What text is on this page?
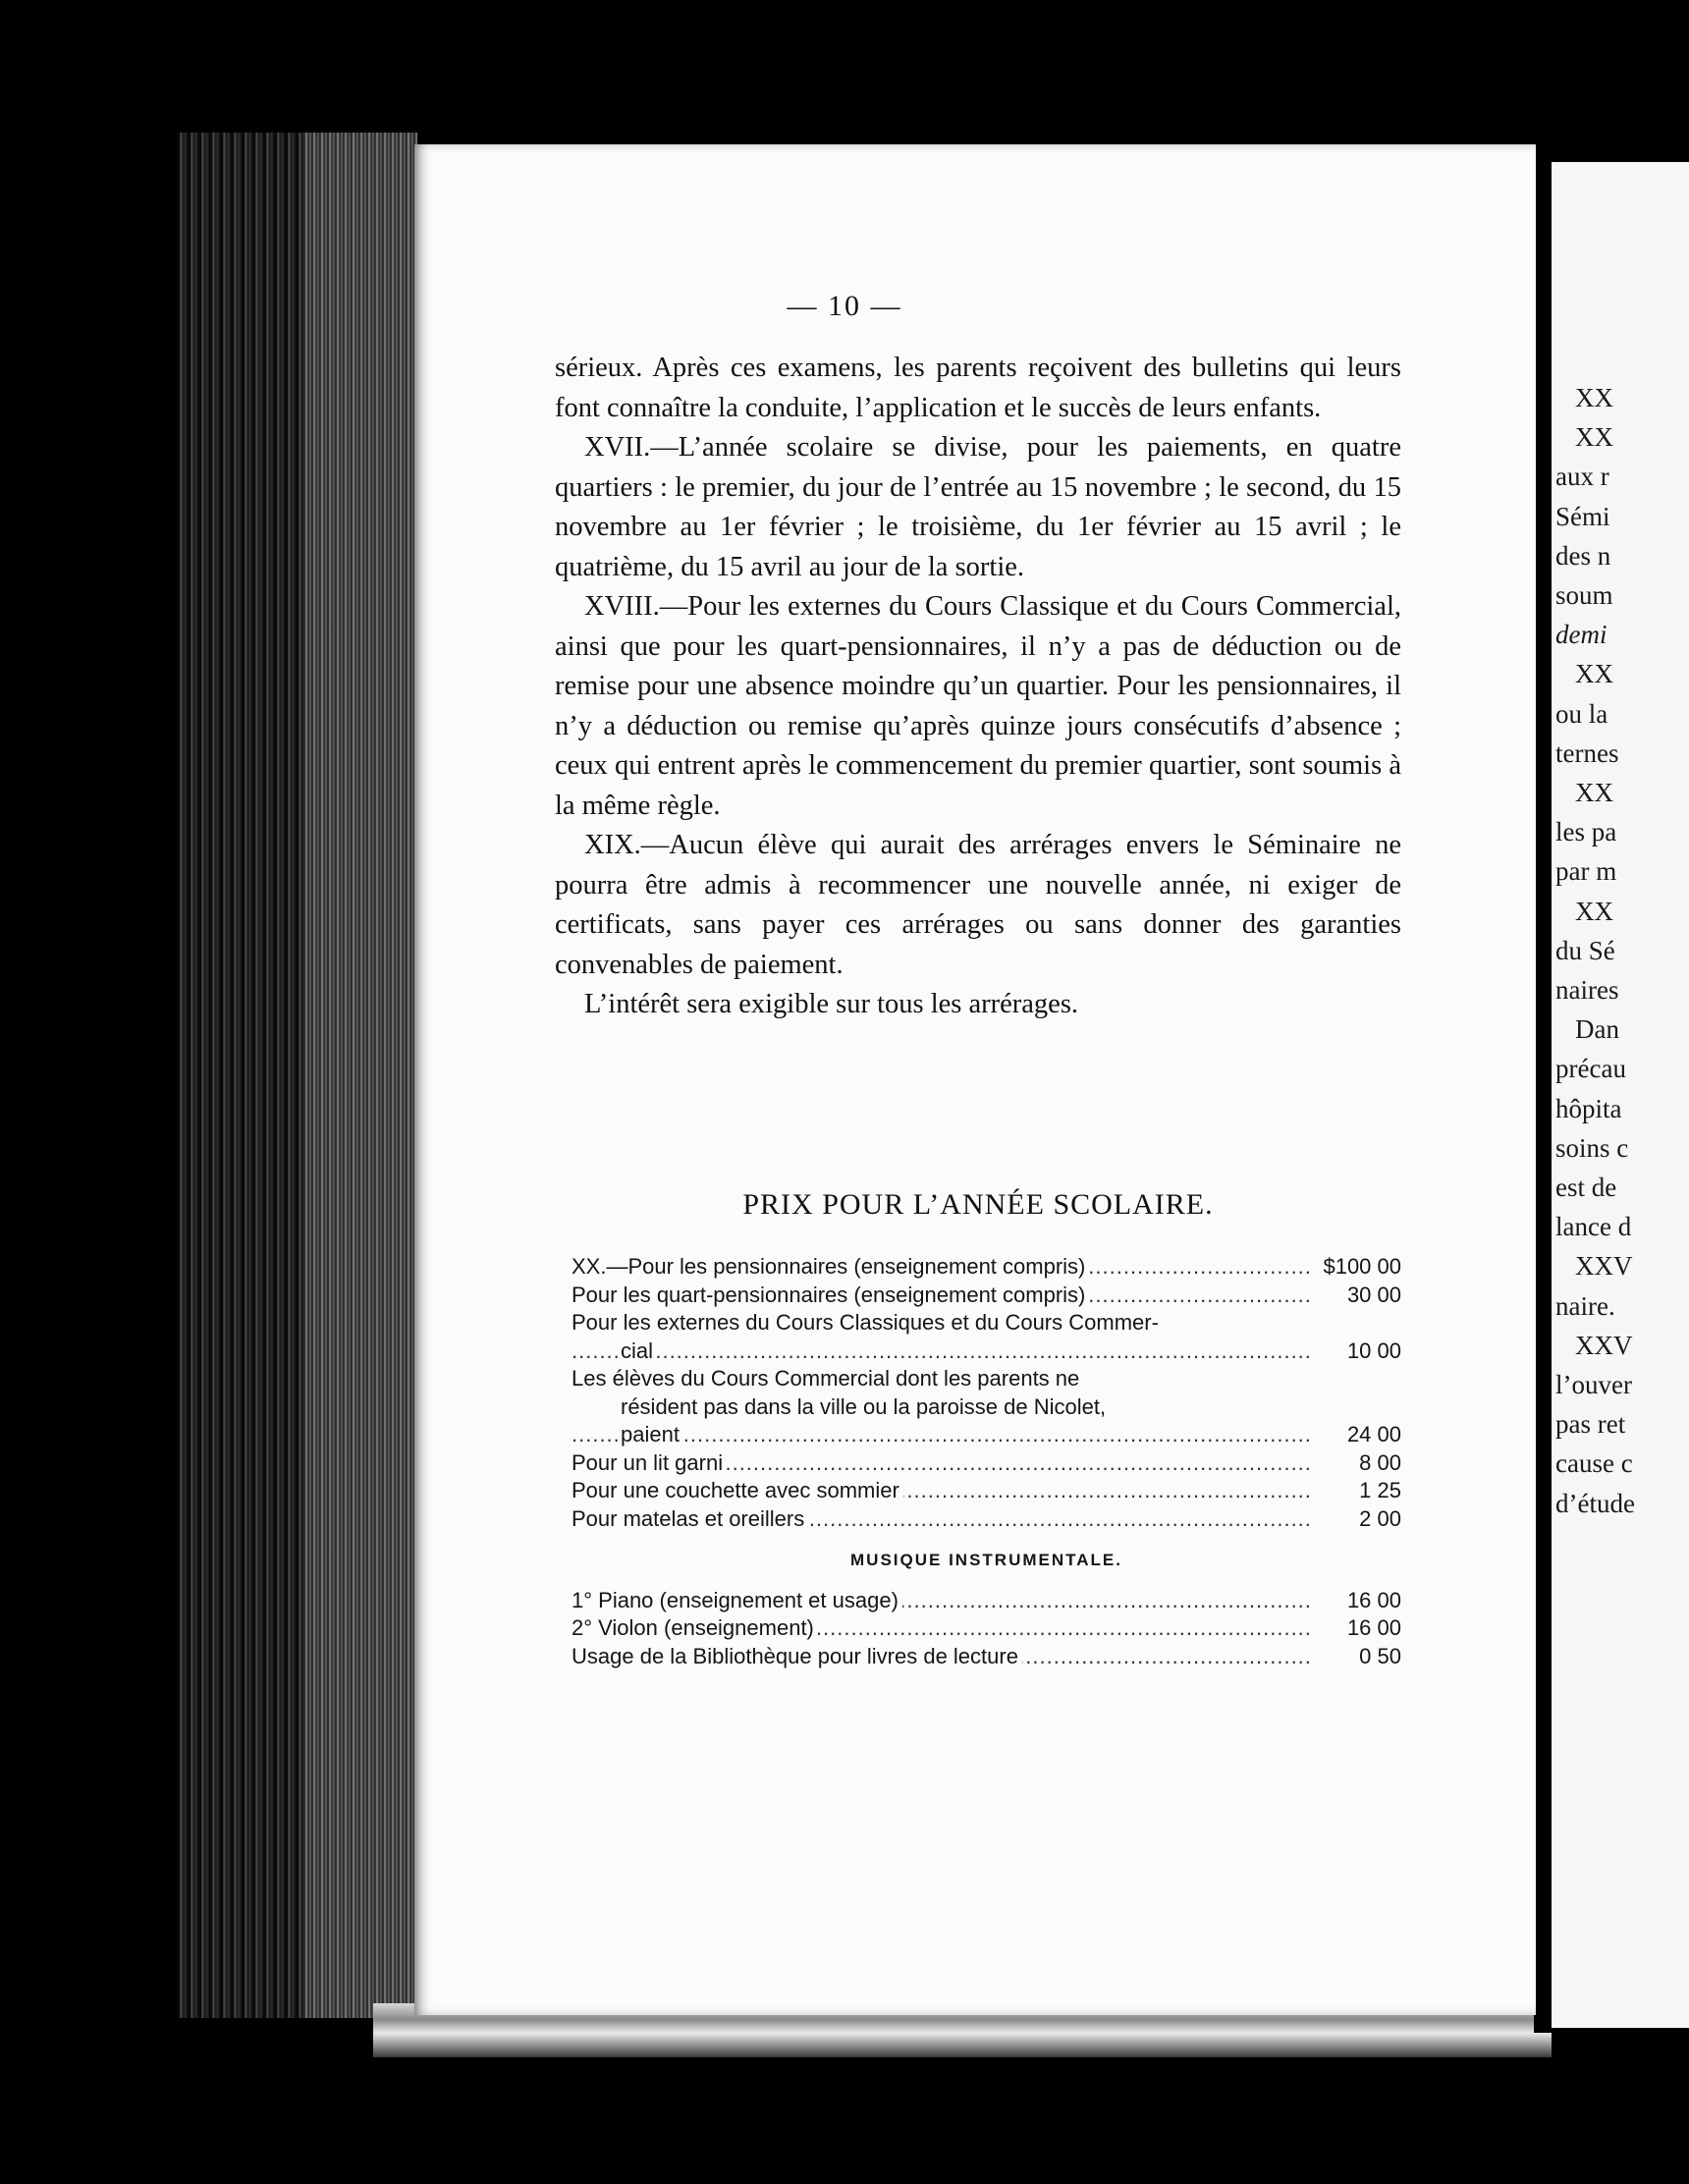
XX
XX
aux r
Sémi
des n
soum
demi
XX
ou la
ternes
XX
les pa
par m
XX
du Sé
naires
Dan
précau
hôpita
soins c
est de
lance d
XXV
naire.
XXV
l’ouver
pas ret
cause c
d’étude
— 10 —

sérieux. Après ces examens, les parents reçoivent des bulletins qui leurs font connaître la conduite, l’application et le succès de leurs enfants.

XVII.—L’année scolaire se divise, pour les paiements, en quatre quartiers : le premier, du jour de l’entrée au 15 novembre ; le second, du 15 novembre au 1er février ; le troisième, du 1er février au 15 avril ; le quatrième, du 15 avril au jour de la sortie.

XVIII.—Pour les externes du Cours Classique et du Cours Commercial, ainsi que pour les quart-pensionnaires, il n’y a pas de déduction ou de remise pour une absence moindre qu’un quartier. Pour les pensionnaires, il n’y a déduction ou remise qu’après quinze jours consécutifs d’absence ; ceux qui entrent après le commencement du premier quartier, sont soumis à la même règle.

XIX.—Aucun élève qui aurait des arrérages envers le Séminaire ne pourra être admis à recommencer une nouvelle année, ni exiger de certificats, sans payer ces arrérages ou sans donner des garanties convenables de paiement.

L’intérêt sera exigible sur tous les arrérages.

PRIX POUR L’ANNÉE SCOLAIRE.
XX.—Pour les pensionnaires (enseignement compris) .....	$100 00
Pour les quart-pensionnaires (enseignement compris) .....	30 00
Pour les externes du Cours Classiques et du Cours Commer-
cial .....	10 00
Les élèves du Cours Commercial dont les parents ne
résident pas dans la ville ou la paroisse de Nicolet,
paient .....	24 00
Pour un lit garni .....	8 00
Pour une couchette avec sommier .....	1 25
Pour matelas et oreillers .....	2 00
MUSIQUE INSTRUMENTALE.
1° Piano (enseignement et usage) .....	16 00
2° Violon (enseignement) .....	16 00
Usage de la Bibliothèque pour livres de lecture .....	0 50
